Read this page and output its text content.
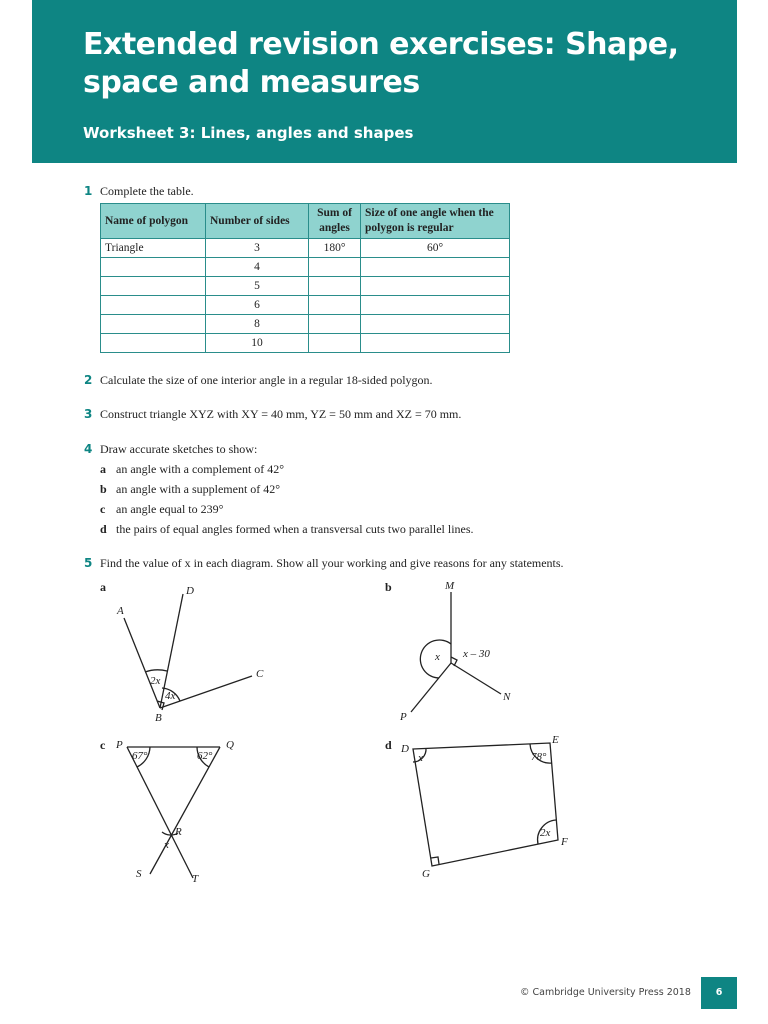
Extended revision exercises: Shape, space and measures
Worksheet 3: Lines, angles and shapes
1 Complete the table.
Name of polygon	Number of sides	Sum of angles	Size of one angle when the polygon is regular
Triangle	3	180°	60°
	4		
	5		
	6		
	8		
	10		
2 Calculate the size of one interior angle in a regular 18-sided polygon.
3 Construct triangle XYZ with XY = 40 mm, YZ = 50 mm and XZ = 70 mm.
4 Draw accurate sketches to show:
a an angle with a complement of 42°
b an angle with a supplement of 42°
c an angle equal to 239°
d the pairs of equal angles formed when a transversal cuts two parallel lines.
5 Find the value of x in each diagram. Show all your working and give reasons for any statements.
a
A
D
C
B
2x
4x
b	M
N
P
x x – 30
c P	Q
R
S	T
67°	62°
x
d D
E
F
G
x	78°
2x
© Cambridge University Press 2018	6
